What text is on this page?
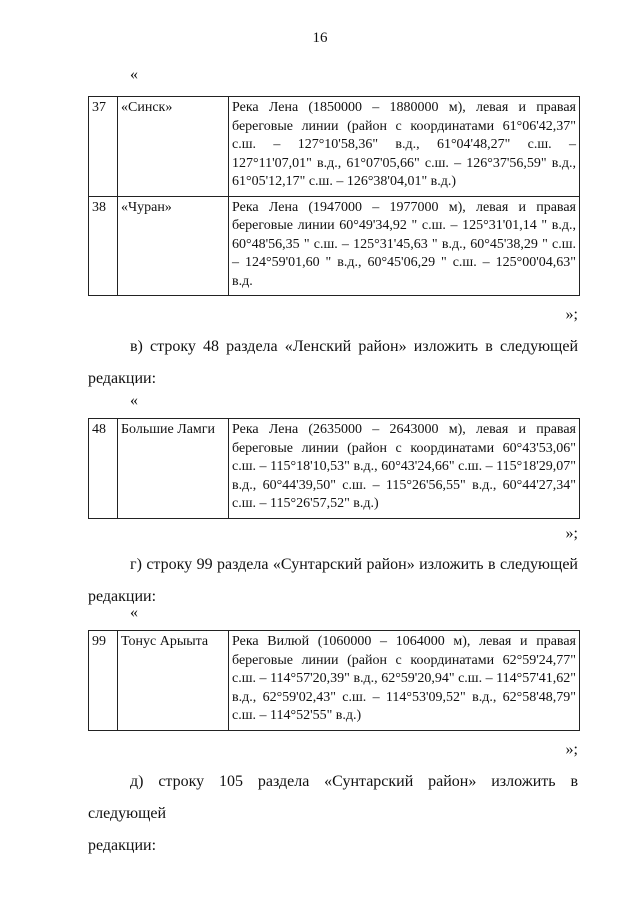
16
«
37	«Синск»	Река Лена (1850000 – 1880000 м), левая и правая береговые линии (район с координатами 61°06'42,37" с.ш. – 127°10'58,36" в.д., 61°04'48,27" с.ш. – 127°11'07,01" в.д., 61°07'05,66" с.ш. – 126°37'56,59" в.д., 61°05'12,17" с.ш. – 126°38'04,01" в.д.)
38	«Чуран»	Река Лена (1947000 – 1977000 м), левая и правая береговые линии 60°49'34,92 " с.ш. – 125°31'01,14 " в.д., 60°48'56,35 " с.ш. – 125°31'45,63 " в.д., 60°45'38,29 " с.ш. – 124°59'01,60 " в.д., 60°45'06,29 " с.ш. – 125°00'04,63" в.д.
»;
в) строку 48 раздела «Ленский район» изложить в следующей
редакции:
«
48	Большие Ламги	Река Лена (2635000 – 2643000 м), левая и правая береговые линии (район с координатами 60°43'53,06" с.ш. – 115°18'10,53" в.д., 60°43'24,66" с.ш. – 115°18'29,07" в.д., 60°44'39,50" с.ш. – 115°26'56,55" в.д., 60°44'27,34" с.ш. – 115°26'57,52" в.д.)
»;
г) строку 99 раздела «Сунтарский район» изложить в следующей
редакции:
«
99	Тонус Арыыта	Река Вилюй (1060000 – 1064000 м), левая и правая береговые линии (район с координатами 62°59'24,77" с.ш. – 114°57'20,39" в.д., 62°59'20,94" с.ш. – 114°57'41,62" в.д., 62°59'02,43" с.ш. – 114°53'09,52" в.д., 62°58'48,79" с.ш. – 114°52'55" в.д.)
»;
д) строку 105 раздела «Сунтарский район» изложить в следующей
редакции:
